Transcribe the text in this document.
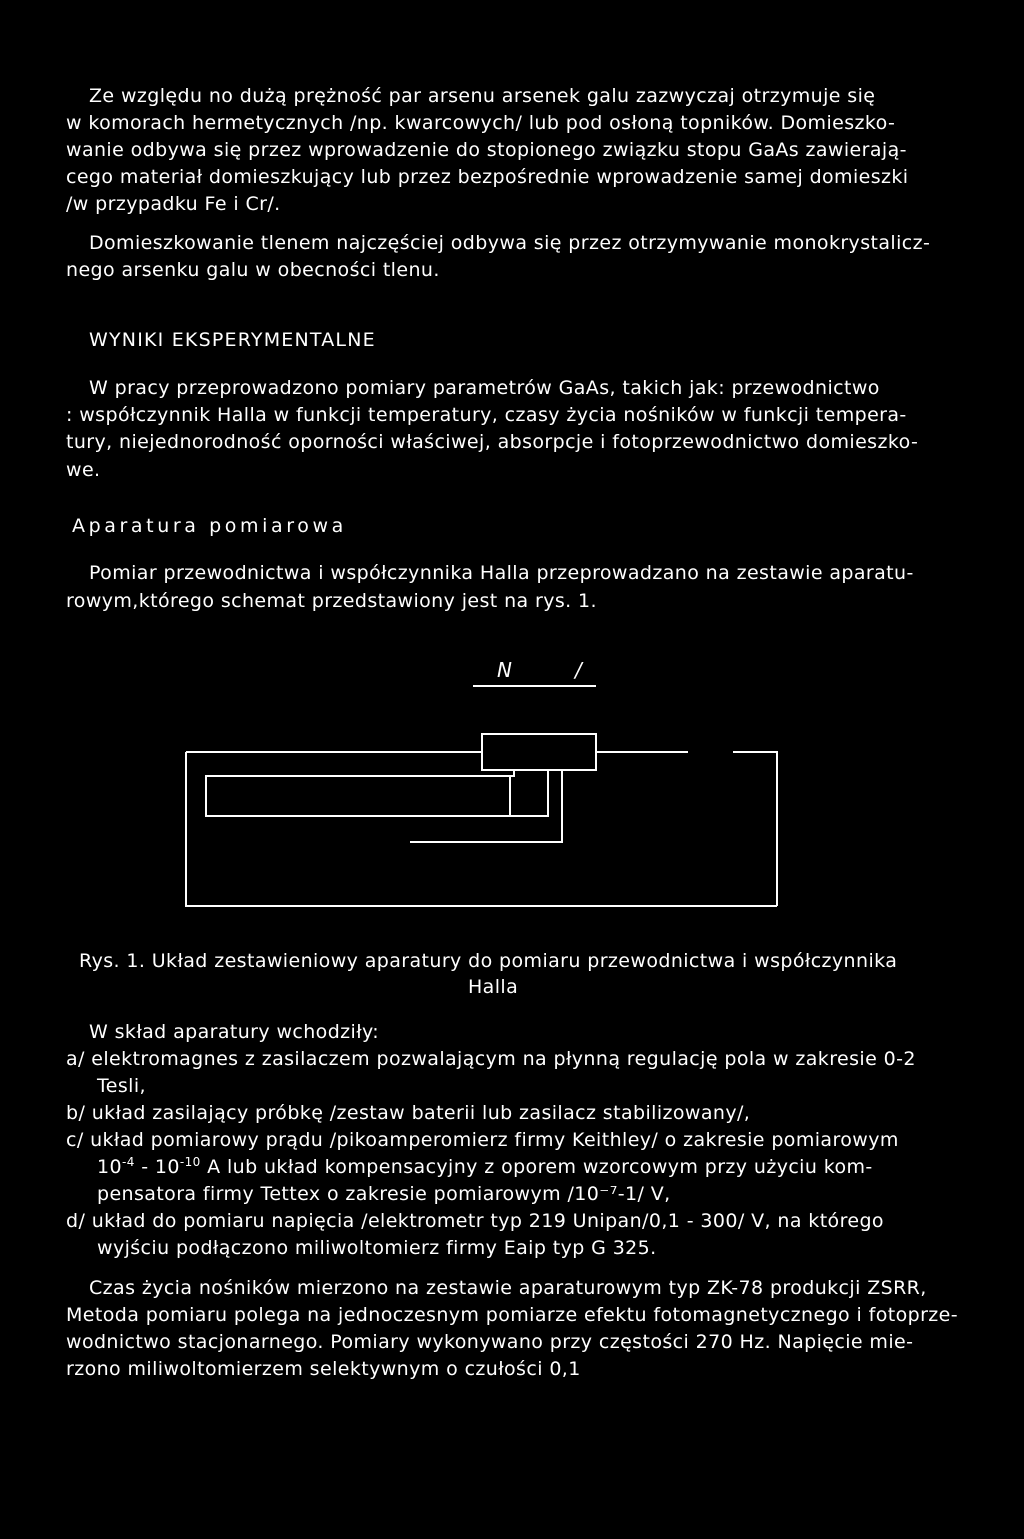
Ze względu no dużą prężność par arsenu arsenek galu zazwyczaj otrzymuje się
w komorach hermetycznych /np. kwarcowych/ lub pod osłoną topników. Domieszko-
wanie odbywa się przez wprowadzenie do stopionego związku stopu GaAs zawierają-
cego materiał domieszkujący lub przez bezpośrednie wprowadzenie samej domieszki
/w przypadku Fe i Cr/.
Domieszkowanie tlenem najczęściej odbywa się przez otrzymywanie monokrystalicz-
nego arsenku galu w obecności tlenu.
WYNIKI EKSPERYMENTALNE
W pracy przeprowadzono pomiary parametrów GaAs, takich jak: przewodnictwo
: współczynnik Halla w funkcji temperatury, czasy życia nośników w funkcji tempera-
tury, niejednorodność oporności właściwej, absorpcje i fotoprzewodnictwo domieszko-
we.
Aparatura pomiarowa
Pomiar przewodnictwa i współczynnika Halla przeprowadzano na zestawie aparatu-
rowym,którego schemat przedstawiony jest na rys. 1.
N	/
Rys. 1. Układ zestawieniowy aparatury do pomiaru przewodnictwa i współczynnika
Halla
W skład aparatury wchodziły:
a/ elektromagnes z zasilaczem pozwalającym na płynną regulację pola w zakresie 0-2
Tesli,
b/ układ zasilający próbkę /zestaw baterii lub zasilacz stabilizowany/,
c/ układ pomiarowy prądu /pikoamperomierz firmy Keithley/ o zakresie pomiarowym
$10^{-4} - 10^{-10}$ A lub układ kompensacyjny z oporem wzorcowym przy użyciu kom-
pensatora firmy Tettex o zakresie pomiarowym /10⁻⁷-1/ V,
d/ układ do pomiaru napięcia /elektrometr typ 219 Unipan/0,1 - 300/ V, na którego
wyjściu podłączono miliwoltomierz firmy Eaip typ G 325.
Czas życia nośników mierzono na zestawie aparaturowym typ ZK-78 produkcji ZSRR,
Metoda pomiaru polega na jednoczesnym pomiarze efektu fotomagnetycznego i fotoprze-
wodnictwo stacjonarnego. Pomiary wykonywano przy częstości 270 Hz. Napięcie mie-
rzono miliwoltomierzem selektywnym o czułości 0,1
